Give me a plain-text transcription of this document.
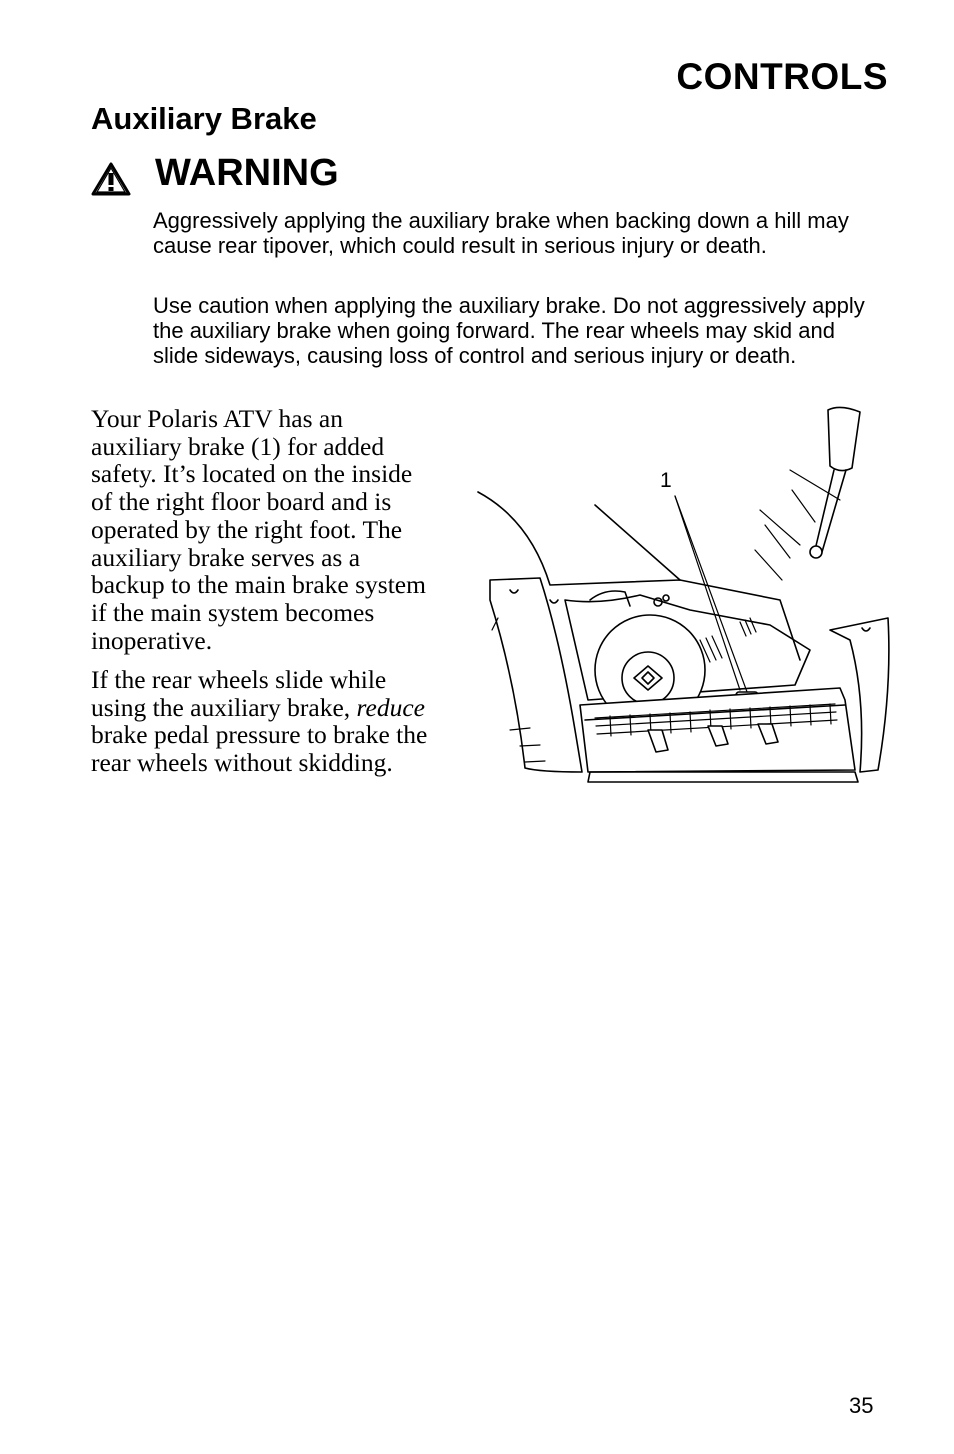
CONTROLS
Auxiliary Brake
WARNING

Aggressively applying the auxiliary brake when backing down a hill may cause rear tipover, which could result in serious injury or death.

Use caution when applying the auxiliary brake. Do not aggressively apply the auxiliary brake when going forward. The rear wheels may skid and slide sideways, causing loss of control and serious injury or death.

Your Polaris ATV has an auxiliary brake (1) for added safety. It’s located on the inside of the right floor board and is operated by the right foot. The auxiliary brake serves as a backup to the main brake system if the main system becomes inoperative.

If the rear wheels slide while using the auxiliary brake, reduce brake pedal pressure to brake the rear wheels without skidding.

1
35
